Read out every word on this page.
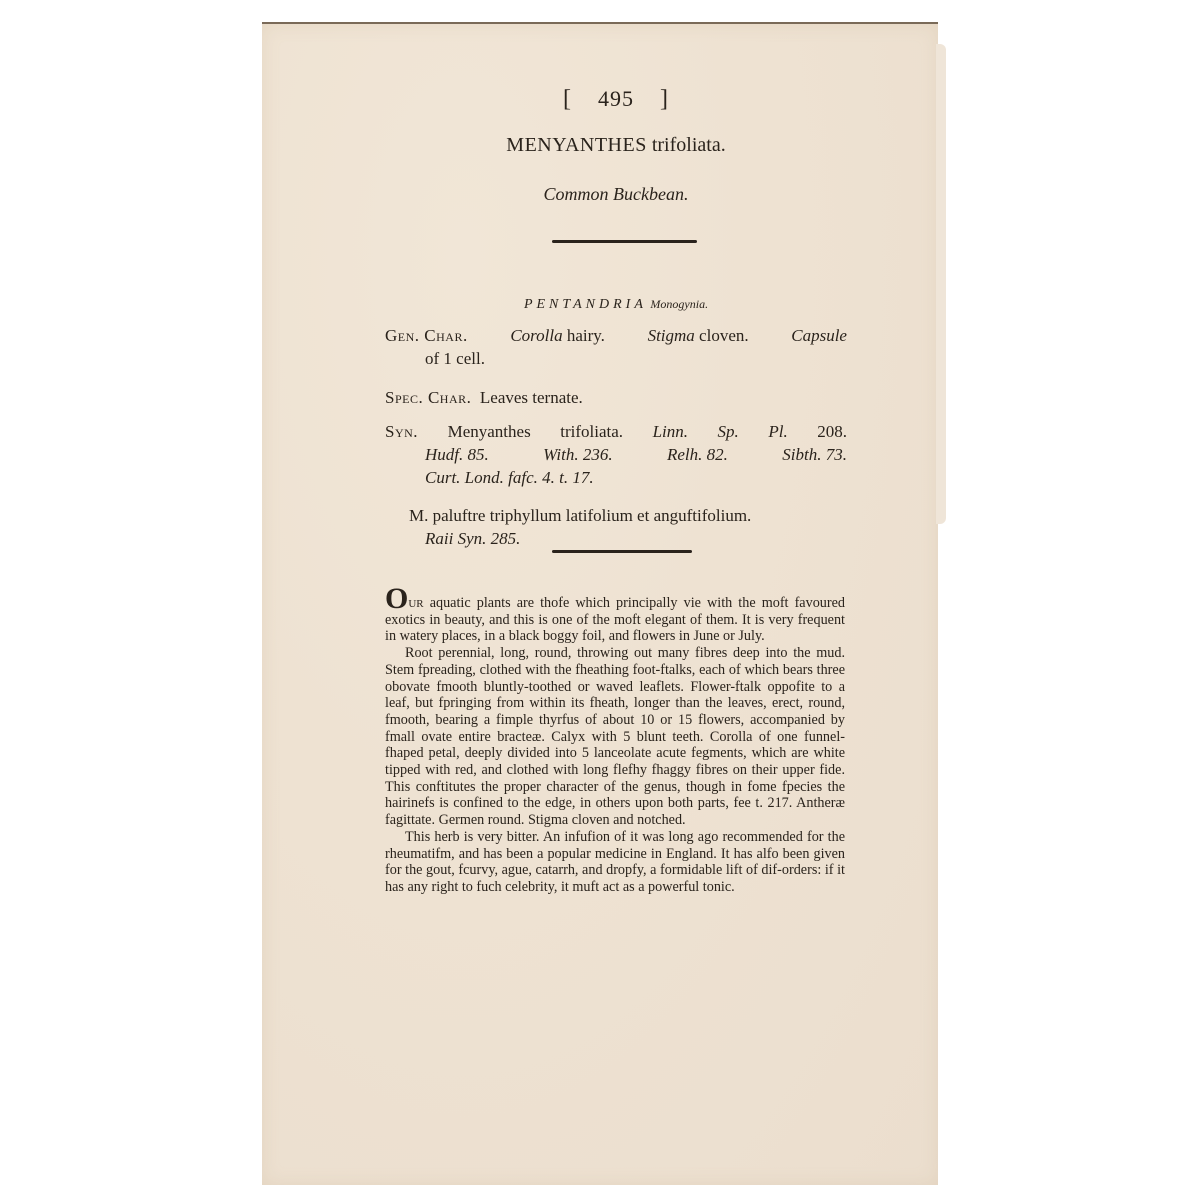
[ 495 ]
MENYANTHES trifoliata.
Common Buckbean.
PENTANDRIA Monogynia.
Gen. Char.	Corolla hairy.	Stigma cloven.	Capsule
of 1 cell.
Spec. Char. Leaves ternate.
Syn. Menyanthes trifoliata. Linn. Sp. Pl. 208.
Hudf. 85.	With. 236.	Relh. 82.	Sibth. 73.
Curt. Lond. fafc. 4. t. 17.
M. paluftre triphyllum latifolium et anguftifolium.
Raii Syn. 285.

Our aquatic plants are thofe which principally vie with the moft favoured exotics in beauty, and this is one of the moft elegant of them. It is very frequent in watery places, in a black boggy foil, and flowers in June or July.

Root perennial, long, round, throwing out many fibres deep into the mud. Stem fpreading, clothed with the fheathing foot-ftalks, each of which bears three obovate fmooth bluntly-toothed or waved leaflets. Flower-ftalk oppofite to a leaf, but fpringing from within its fheath, longer than the leaves, erect, round, fmooth, bearing a fimple thyrfus of about 10 or 15 flowers, accompanied by fmall ovate entire bracteæ. Calyx with 5 blunt teeth. Corolla of one funnel-fhaped petal, deeply divided into 5 lanceolate acute fegments, which are white tipped with red, and clothed with long flefhy fhaggy fibres on their upper fide. This conftitutes the proper character of the genus, though in fome fpecies the hairinefs is confined to the edge, in others upon both parts, fee t. 217. Antheræ fagittate. Germen round. Stigma cloven and notched.

This herb is very bitter. An infufion of it was long ago recommended for the rheumatifm, and has been a popular medicine in England. It has alfo been given for the gout, fcurvy, ague, catarrh, and dropfy, a formidable lift of dif-orders: if it has any right to fuch celebrity, it muft act as a powerful tonic.
